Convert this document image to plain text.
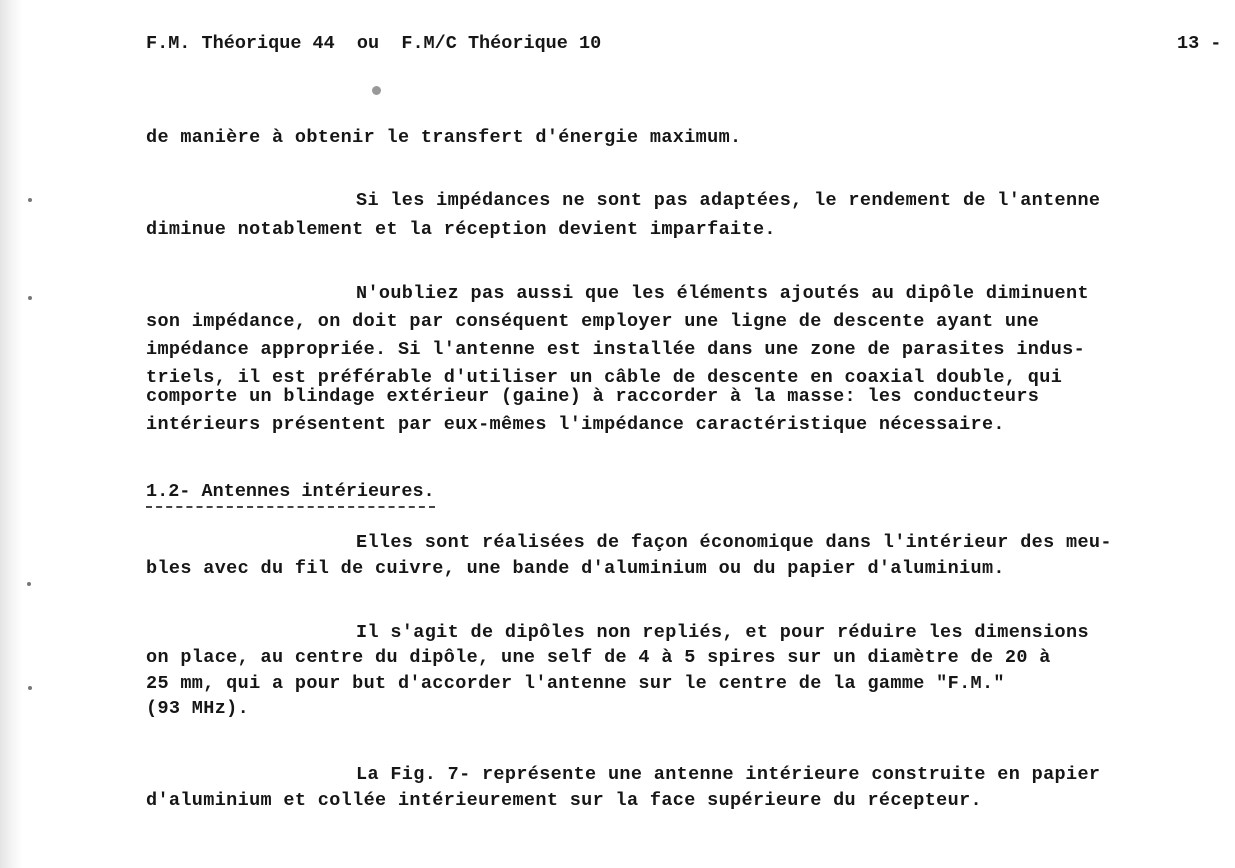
F.M. Théorique 44  ou  F.M/C Théorique 10	13 -
de manière à obtenir le transfert d'énergie maximum.
Si les impédances ne sont pas adaptées, le rendement de l'antenne
diminue notablement et la réception devient imparfaite.
N'oubliez pas aussi que les éléments ajoutés au dipôle diminuent
son impédance, on doit par conséquent employer une ligne de descente ayant une
impédance appropriée. Si l'antenne est installée dans une zone de parasites indus-
triels, il est préférable d'utiliser un câble de descente en coaxial double, qui
comporte un blindage extérieur (gaine) à raccorder à la masse: les conducteurs
intérieurs présentent par eux-mêmes l'impédance caractéristique nécessaire.
1.2- Antennes intérieures.
Elles sont réalisées de façon économique dans l'intérieur des meu-
bles avec du fil de cuivre, une bande d'aluminium ou du papier d'aluminium.
Il s'agit de dipôles non repliés, et pour réduire les dimensions
on place, au centre du dipôle, une self de 4 à 5 spires sur un diamètre de 20 à
25 mm, qui a pour but d'accorder l'antenne sur le centre de la gamme "F.M."
(93 MHz).
La Fig. 7- représente une antenne intérieure construite en papier
d'aluminium et collée intérieurement sur la face supérieure du récepteur.
